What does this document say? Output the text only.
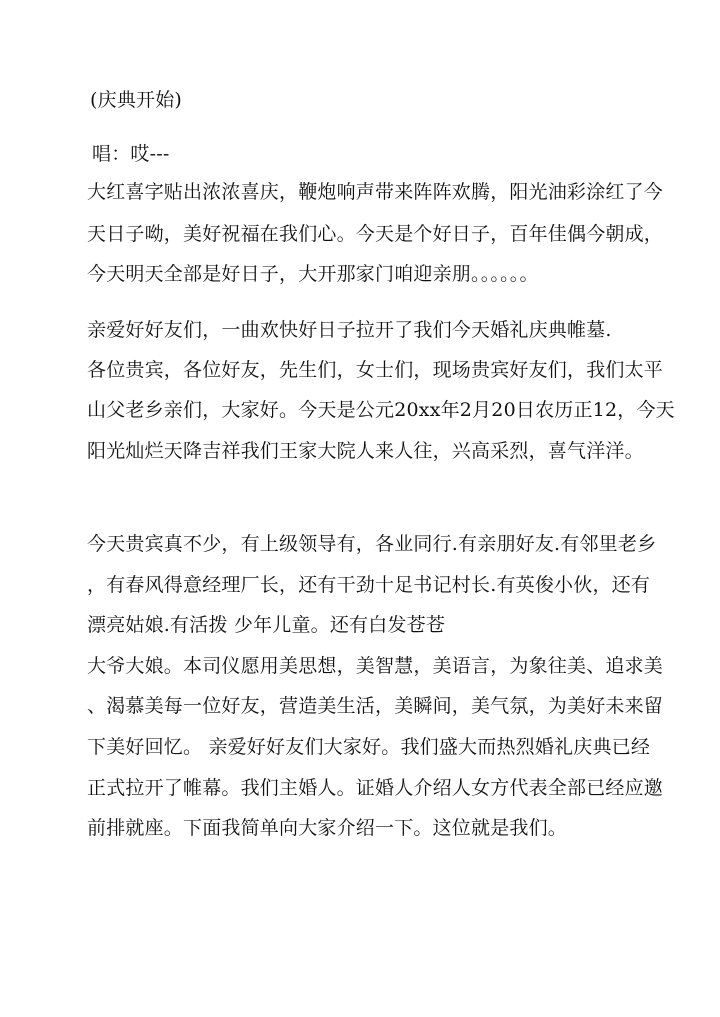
(庆典开始)
唱：哎---
大红喜字贴出浓浓喜庆，鞭炮响声带来阵阵欢腾，阳光油彩涂红了今
天日子呦，美好祝福在我们心。今天是个好日子，百年佳偶今朝成，
今天明天全部是好日子，大开那家门咱迎亲朋。。。。。。
亲爱好好友们，一曲欢快好日子拉开了我们今天婚礼庆典帷墓.
各位贵宾，各位好友，先生们，女士们，现场贵宾好友们，我们太平
山父老乡亲们，大家好。今天是公元20xx年2月20日农历正12，今天
阳光灿烂天降吉祥我们王家大院人来人往，兴高采烈，喜气洋洋。
今天贵宾真不少，有上级领导有，各业同行.有亲朋好友.有邻里老乡
，有春风得意经理厂长，还有干劲十足书记村长.有英俊小伙，还有
漂亮姑娘.有活拨 少年儿童。还有白发苍苍
大爷大娘。本司仪愿用美思想，美智慧，美语言，为象往美、追求美
、渴慕美每一位好友，营造美生活，美瞬间，美气氛，为美好未来留
下美好回忆。 亲爱好好友们大家好。我们盛大而热烈婚礼庆典已经
正式拉开了帷幕。我们主婚人。证婚人介绍人女方代表全部已经应邀
前排就座。下面我简单向大家介绍一下。这位就是我们。
